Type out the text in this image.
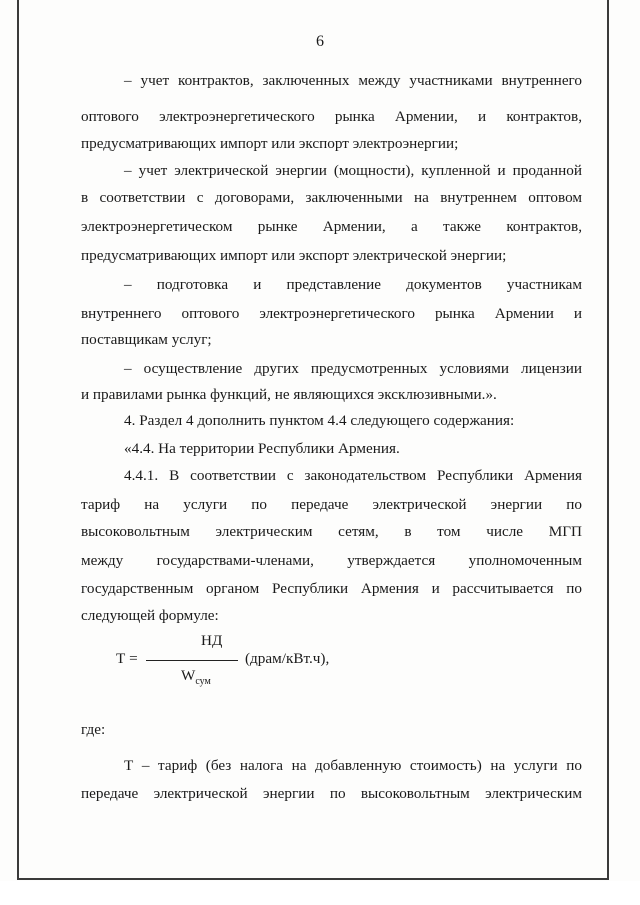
6
– учет контрактов, заключенных между участниками внутреннего
оптового электроэнергетического рынка Армении, и контрактов,
предусматривающих импорт или экспорт электроэнергии;
– учет электрической энергии (мощности), купленной и проданной
в соответствии с договорами, заключенными на внутреннем оптовом
электроэнергетическом рынке Армении, а также контрактов,
предусматривающих импорт или экспорт электрической энергии;
– подготовка и представление документов участникам
внутреннего оптового электроэнергетического рынка Армении и
поставщикам услуг;
– осуществление других предусмотренных условиями лицензии
и правилами рынка функций, не являющихся эксклюзивными.».
4. Раздел 4 дополнить пунктом 4.4 следующего содержания:
«4.4. На территории Республики Армения.
4.4.1. В соответствии с законодательством Республики Армения
тариф на услуги по передаче электрической энергии по
высоковольтным электрическим сетям, в том числе МГП
между государствами-членами, утверждается уполномоченным
государственным органом Республики Армения и рассчитывается по
следующей формуле:
НД
Т =	(драм/кВт.ч),
$W_{сум}$
где:
Т – тариф (без налога на добавленную стоимость) на услуги по
передаче электрической энергии по высоковольтным электрическим
